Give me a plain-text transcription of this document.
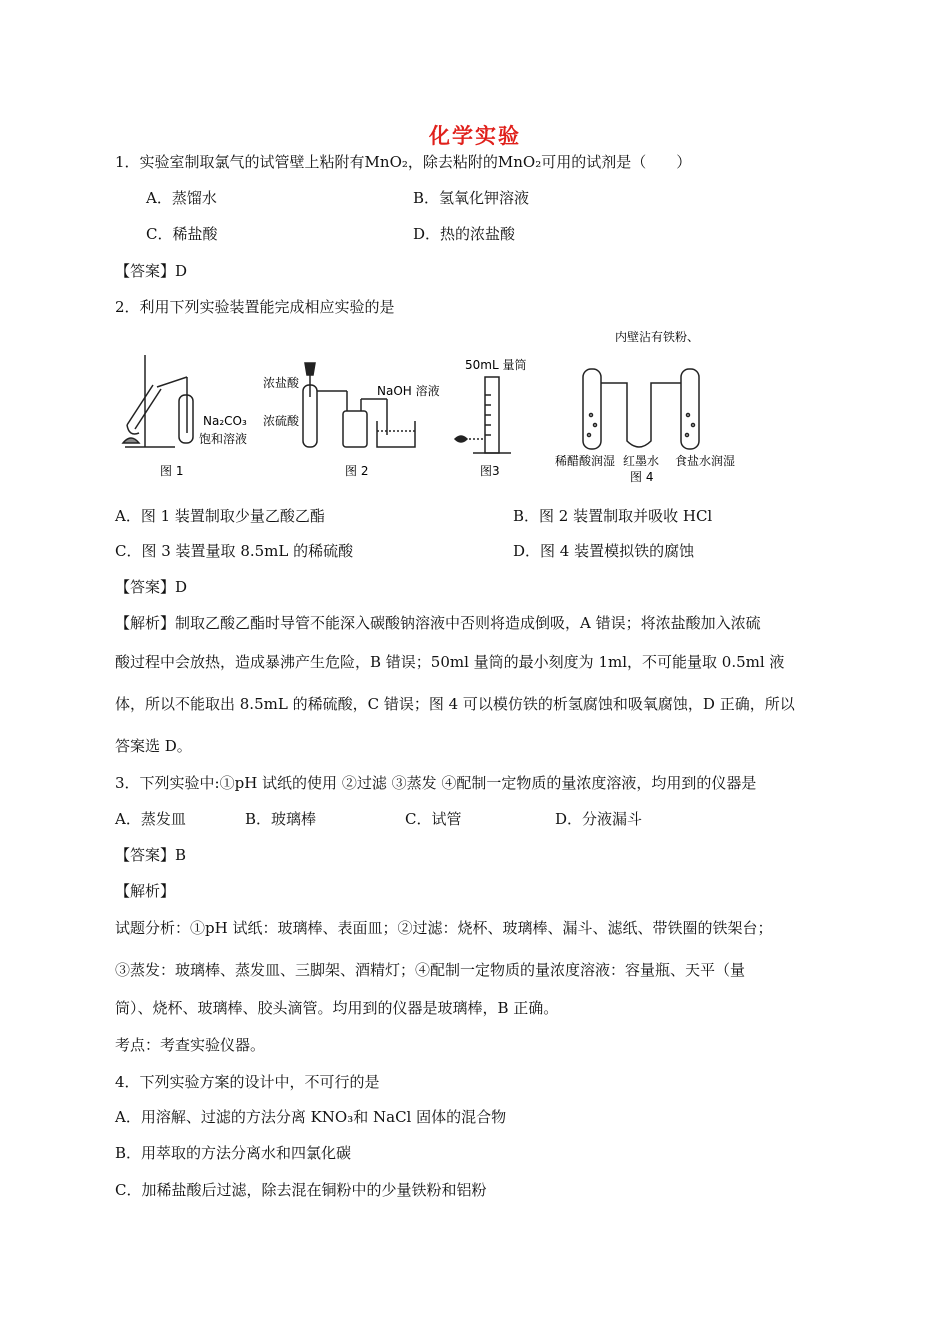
化学实验
1．实验室制取氯气的试管壁上粘附有MnO₂，除去粘附的MnO₂可用的试剂是（　　）
A．蒸馏水	B．氢氧化钾溶液
C．稀盐酸	D．热的浓盐酸
【答案】D
2．利用下列实验装置能完成相应实验的是
Na₂CO₃
饱和溶液
图 1
浓盐酸
浓硫酸
NaOH 溶液
图 2
50mL 量筒
图3
内壁沾有铁粉、
稀醋酸润湿 红墨水 食盐水润湿
图 4
A．图 1 装置制取少量乙酸乙酯	B．图 2 装置制取并吸收 HCl
C．图 3 装置量取 8.5mL 的稀硫酸	D．图 4 装置模拟铁的腐蚀
【答案】D
【解析】制取乙酸乙酯时导管不能深入碳酸钠溶液中否则将造成倒吸，A 错误；将浓盐酸加入浓硫
酸过程中会放热，造成暴沸产生危险，B 错误；50ml 量筒的最小刻度为 1ml，不可能量取 0.5ml 液
体，所以不能取出 8.5mL 的稀硫酸，C 错误；图 4 可以模仿铁的析氢腐蚀和吸氧腐蚀，D 正确，所以
答案选 D。
3．下列实验中:①pH 试纸的使用 ②过滤 ③蒸发 ④配制一定物质的量浓度溶液，均用到的仪器是
A．蒸发皿	B．玻璃棒	C．试管	D．分液漏斗
【答案】B
【解析】
试题分析：①pH 试纸：玻璃棒、表面皿；②过滤：烧杯、玻璃棒、漏斗、滤纸、带铁圈的铁架台；
③蒸发：玻璃棒、蒸发皿、三脚架、酒精灯；④配制一定物质的量浓度溶液：容量瓶、天平（量
筒）、烧杯、玻璃棒、胶头滴管。均用到的仪器是玻璃棒，B 正确。
考点：考查实验仪器。
4．下列实验方案的设计中，不可行的是
A．用溶解、过滤的方法分离 KNO₃和 NaCl 固体的混合物
B．用萃取的方法分离水和四氯化碳
C．加稀盐酸后过滤，除去混在铜粉中的少量铁粉和铝粉
